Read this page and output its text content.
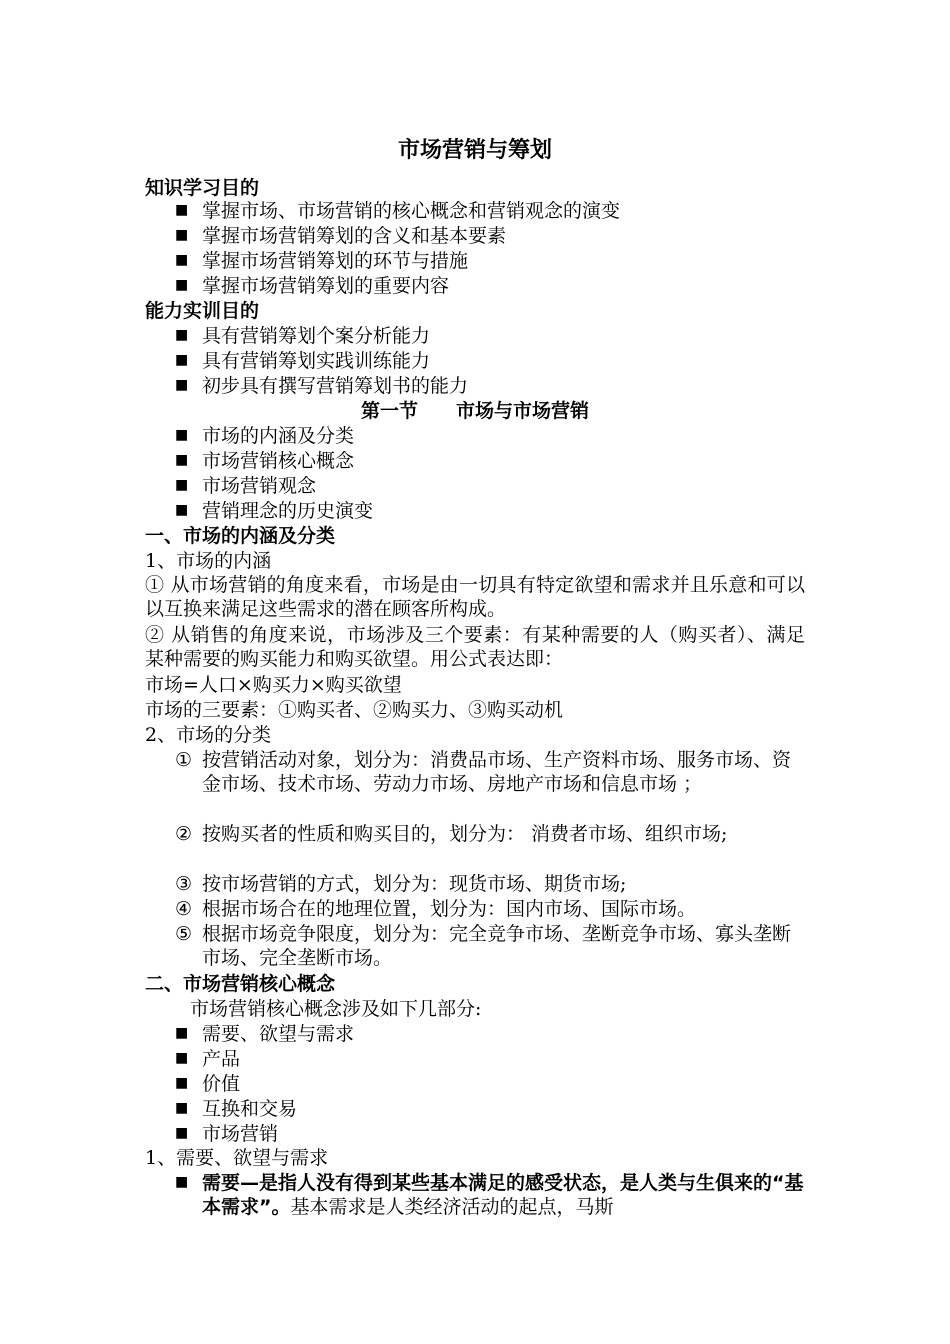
市场营销与筹划
知识学习目的
■ 掌握市场、市场营销的核心概念和营销观念的演变
■ 掌握市场营销筹划的含义和基本要素
■ 掌握市场营销筹划的环节与措施
■ 掌握市场营销筹划的重要内容
能力实训目的
■ 具有营销筹划个案分析能力
■ 具有营销筹划实践训练能力
■ 初步具有撰写营销筹划书的能力
第一节　　市场与市场营销
■ 市场的内涵及分类
■ 市场营销核心概念
■ 市场营销观念
■ 营销理念的历史演变
一、市场的内涵及分类
1、市场的内涵
① 从市场营销的角度来看，市场是由一切具有特定欲望和需求并且乐意和可以以互换来满足这些需求的潜在顾客所构成。
② 从销售的角度来说，市场涉及三个要素：有某种需要的人（购买者）、满足某种需要的购买能力和购买欲望。用公式表达即：
市场=人口×购买力×购买欲望
市场的三要素：①购买者、②购买力、③购买动机
2、市场的分类
① 按营销活动对象，划分为：消费品市场、生产资料市场、服务市场、资金市场、技术市场、劳动力市场、房地产市场和信息市场 ；
② 按购买者的性质和购买目的，划分为： 消费者市场、组织市场;
③ 按市场营销的方式，划分为：现货市场、期货市场;
④ 根据市场合在的地理位置，划分为：国内市场、国际市场。
⑤ 根据市场竞争限度，划分为：完全竞争市场、垄断竞争市场、寡头垄断市场、完全垄断市场。
二、市场营销核心概念
市场营销核心概念涉及如下几部分:
■ 需要、欲望与需求
■ 产品
■ 价值
■ 互换和交易
■ 市场营销
1、需要、欲望与需求
■ 需要—是指人没有得到某些基本满足的感受状态，是人类与生俱来的“基本需求”。基本需求是人类经济活动的起点，马斯
